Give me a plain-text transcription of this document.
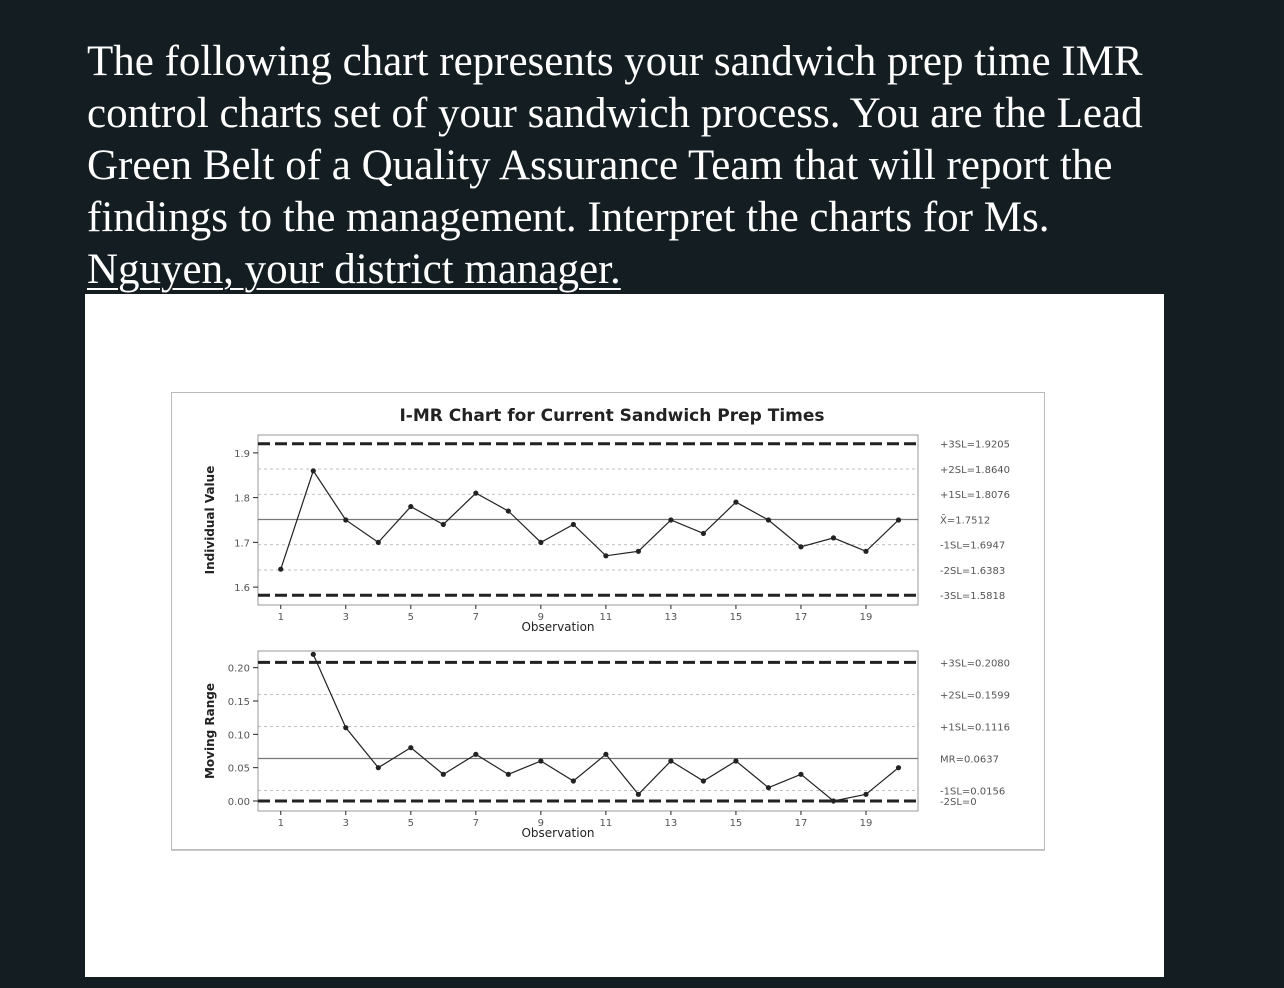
The following chart represents your sandwich prep time IMR
control charts set of your sandwich process. You are the Lead
Green Belt of a Quality Assurance Team that will report the
findings to the management. Interpret the charts for Ms.
Nguyen, your district manager.
I-MR Chart for Current Sandwich Prep Times
+3SL=1.9205
+2SL=1.8640
+1SL=1.8076
X̄=1.7512
-1SL=1.6947
-2SL=1.6383
-3SL=1.5818
1.6
1.7
1.8
1.9
1	3	5	7	9	11	13	15	17	19
Observation
Individual Value
+3SL=0.2080
+2SL=0.1599
+1SL=0.1116
MR=0.0637
-1SL=0.0156
-2SL=0
0.00
0.05
0.10
0.15
0.20
1	3	5	7	9	11	13	15	17	19
Observation
Moving Range
